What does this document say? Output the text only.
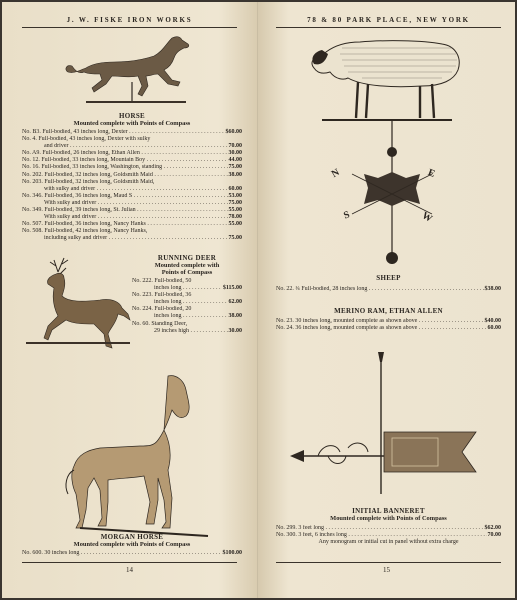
J. W. FISKE IRON WORKS
HORSE
Mounted complete with Points of Compass
No. B3. Full-bodied, 43 inches long, Dexter . . .	$60.00
No. 4. Full-bodied, 43 inches long, Dexter with sulky
and driver . . .	70.00
No. A9. Full-bodied, 26 inches long, Ethan Allen . . .	30.00
No. 12. Full-bodied, 33 inches long, Mountain Boy . . .	44.00
No. 16. Full-bodied, 33 inches long, Washington, standing . . .	75.00
No. 202. Full-bodied, 32 inches long, Goldsmith Maid . . .	38.00
No. 203. Full-bodied, 32 inches long, Goldsmith Maid,
with sulky and driver . . .	60.00
No. 346. Full-bodied, 36 inches long, Maud S . . .	53.00
With sulky and driver . . .	75.00
No. 349. Full-bodied, 39 inches long, St. Julian . . .	55.00
With sulky and driver . . .	78.00
No. 507. Full-bodied, 36 inches long, Nancy Hanks . . .	55.00
No. 508. Full-bodied, 42 inches long, Nancy Hanks,
including sulky and driver . . .	75.00
RUNNING DEER
Mounted complete with
Points of Compass
No. 222. Full-bodied, 50
inches long . . .	$115.00
No. 223. Full-bodied, 36
inches long . . .	62.00
No. 224. Full-bodied, 20
inches long . . .	38.00
No. 60. Standing Deer,
29 inches high . . .	30.00
MORGAN HORSE
Mounted complete with Points of Compass
No. 600. 30 inches long . . .	$100.00
14
78 & 80 PARK PLACE, NEW YORK
N	E
S	W
SHEEP
No. 22. ¾ Full-bodied, 28 inches long . . .	$38.00
MERINO RAM, ETHAN ALLEN
No. 23. 30 inches long, mounted complete as shown above . . .	$40.00
No. 24. 36 inches long, mounted complete as shown above . . .	60.00
INITIAL BANNERET
Mounted complete with Points of Compass
No. 299. 3 feet long . . .	$62.00
No. 300. 3 feet, 6 inches long . . .	70.00
Any monogram or initial cut in panel without extra charge
15
